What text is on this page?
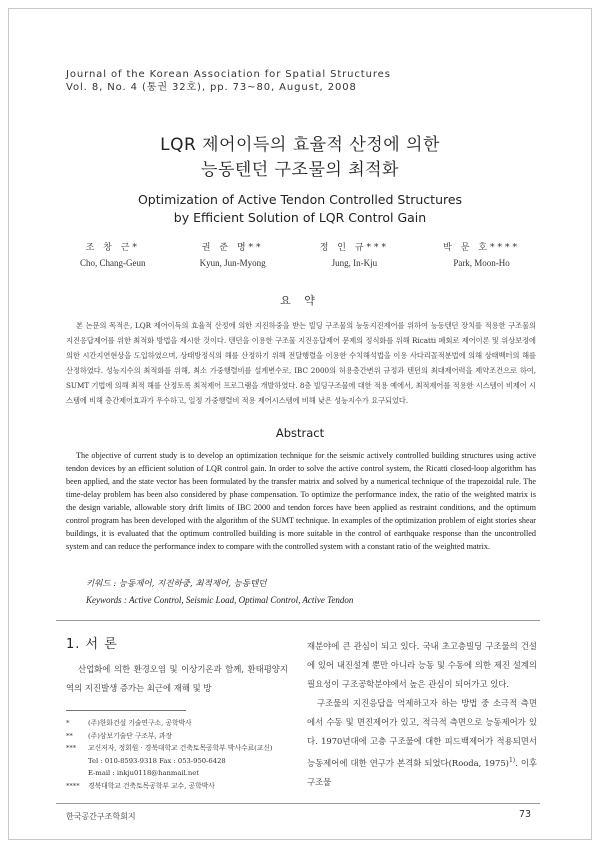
Journal of the Korean Association for Spatial Structures
Vol. 8, No. 4 (통권 32호), pp. 73~80, August, 2008
LQR 제어이득의 효율적 산정에 의한
능동텐던 구조물의 최적화
Optimization of Active Tendon Controlled Structures
by Efficient Solution of LQR Control Gain
조 창 근*
Cho, Chang-Geun
권 준 명**
Kyun, Jun-Myong
정 인 규***
Jung, In-Kju
박 문 호****
Park, Moon-Ho
요 약
본 논문의 목적은, LQR 제어이득의 효율적 산정에 의한 지진하중을 받는 빌딩 구조물의 능동지진제어를 위하여 능동텐던 장치를 적용한 구조물의 지진응답제어를 위한 최적화 방법을 제시한 것이다. 텐던을 이용한 구조물 지진응답제어 문제의 정식화를 위해 Ricatti 폐회로 제어이론 및 위상보정에 의한 시간지연현상을 도입하였으며, 상태방정식의 해를 산정하기 위해 전달행렬을 이용한 수치해석법을 이용 사다리꼴적분법에 의해 상태벡터의 해를 산정하였다. 성능지수의 최적화를 위해, 최소 가중행렬비를 설계변수로, IBC 2000의 허용층간변위 규정과 텐던의 최대제어력을 제약조건으로 하여, SUMT 기법에 의해 최적 해를 산정토록 최적제어 프로그램을 개발하였다. 8층 빌딩구조물에 대한 적용 예에서, 최적제어를 적용한 시스템이 비제어 시스템에 비해 층간제어효과가 우수하고, 일정 가중행렬비 적용 제어시스템에 비해 낮은 성능지수가 요구되었다.
Abstract
The objective of current study is to develop an optimization technique for the seismic actively controlled building structures using active tendon devices by an efficient solution of LQR control gain. In order to solve the active control system, the Ricatti closed-loop algorithm has been applied, and the state vector has been formulated by the transfer matrix and solved by a numerical technique of the trapezoidal rule. The time-delay problem has been also considered by phase compensation. To optimize the performance index, the ratio of the weighted matrix is the design variable, allowable story drift limits of IBC 2000 and tendon forces have been applied as restraint conditions, and the optimum control program has been developed with the algorithm of the SUMT technique. In examples of the optimization problem of eight stories shear buildings, it is evaluated that the optimum controlled building is more suitable in the control of earthquake response than the uncontrolled system and can reduce the performance index to compare with the controlled system with a constant ratio of the weighted matrix.
키워드 : 능동제어, 지진하중, 최적제어, 능동텐던
Keywords : Active Control, Seismic Load, Optimal Control, Active Tendon
1. 서 론
산업화에 의한 환경오염 및 이상기온과 함께, 환태평양지역의 지진발생 증가는 최근에 재해 및 방
*	(주)한화건설 기술연구소, 공학박사
** (주)삼보기술단 구조부, 과장
*** 교신저자, 정회원 · 경북대학교 건축토목공학부 박사수료(교신)
Tel : 010-8593-9318 Fax : 053-950-6428
E-mail : inkju0118@hanmail.net
**** 경북대학교 건축토목공학부 교수, 공학박사

재분야에 큰 관심이 되고 있다. 국내 초고층빌딩 구조물의 건설에 있어 내진설계 뿐만 아니라 능동 및 수동에 의한 제진 설계의 필요성이 구조공학분야에서 높은 관심이 되어가고 있다.

구조물의 지진응답을 억제하고자 하는 방법 중 소극적 측면에서 수동 및 면진제어가 있고, 적극적 측면으로 능동제어가 있다. 1970년대에 고층 구조물에 대한 피드백제어가 적용되면서 능동제어에 대한 연구가 본격화 되었다(Rooda, 1975)$^{1)}$. 이후 구조물

한국공간구조학회지	73
